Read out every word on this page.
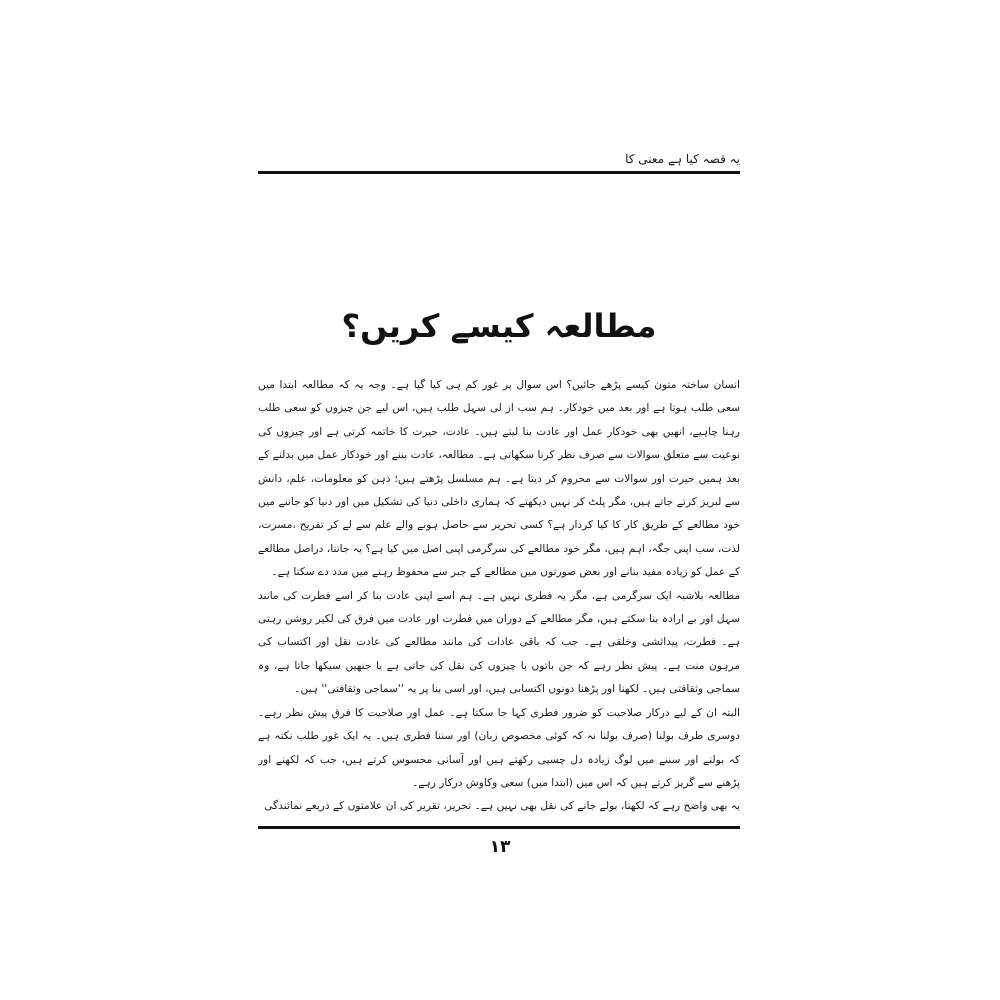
یہ قصہ کیا ہے معنی کا
مطالعہ کیسے کریں؟

انسان ساختہ متون کیسے پڑھے جائیں؟ اس سوال پر غور کم ہی کیا گیا ہے۔ وجہ یہ کہ مطالعہ ابتدا میں سعی طلب ہوتا ہے اور بعد میں خودکار۔ ہم سب از لی سہل طلب ہیں، اس لیے جن چیزوں کو سعی طلب رہنا چاہیے، انھیں بھی خودکار عمل اور عادت بنا لیتے ہیں۔ عادت، حیرت کا خاتمہ کرتی ہے اور چیزوں کی نوعیت سے متعلق سوالات سے صرف نظر کرنا سکھاتی ہے۔ مطالعہ، عادت بننے اور خودکار عمل میں بدلنے کے بعد ہمیں حیرت اور سوالات سے محروم کر دیتا ہے۔ ہم مسلسل پڑھتے ہیں؛ ذہن کو معلومات، علم، دانش سے لبریز کرتے جاتے ہیں، مگر پلٹ کر نہیں دیکھتے کہ ہماری داخلی دنیا کی تشکیل میں اور دنیا کو جاننے میں خود مطالعے کے طریق کار کا کیا کردار ہے؟ کسی تحریر سے حاصل ہونے والے علم سے لے کر تفریح ،مسرت، لذت، سب اپنی جگہ، اہم ہیں، مگر خود مطالعے کی سرگرمی اپنی اصل میں کیا ہے؟ یہ جاننا، دراصل مطالعے کے عمل کو زیادہ مفید بنانے اور بعض صورتوں میں مطالعے کے جبر سے محفوظ رہنے میں مدد دے سکتا ہے۔

مطالعہ بلاشبہ ایک سرگرمی ہے، مگر یہ فطری نہیں ہے۔ ہم اسے اپنی عادت بنا کر اسے فطرت کی مانند سہل اور بے ارادہ بنا سکتے ہیں، مگر مطالعے کے دوران میں فطرت اور عادت میں فرق کی لکیر روشن رہتی ہے۔ فطرت، پیدائشی وخلقی ہے۔ جب کہ باقی عادات کی مانند مطالعے کی عادت نقل اور اکتساب کی مرہون منت ہے۔ پیش نظر رہے کہ جن باتوں یا چیزوں کی نقل کی جاتی ہے یا جنھیں سیکھا جاتا ہے، وہ سماجی وثقافتی ہیں۔ لکھنا اور پڑھنا دونوں اکتسابی ہیں، اور اسی بنا پر یہ ''سماجی وثقافتی'' ہیں۔

البتہ ان کے لیے درکار صلاحیت کو ضرور فطری کہا جا سکتا ہے۔ عمل اور صلاحیت کا فرق پیش نظر رہے۔ دوسری طرف بولنا (صرف بولنا نہ کہ کوئی مخصوص زبان) اور سننا فطری ہیں۔ یہ ایک غور طلب نکتہ ہے کہ بولنے اور سننے میں لوگ زیادہ دل چسپی رکھتے ہیں اور آسانی محسوس کرتے ہیں، جب کہ لکھنے اور پڑھنے سے گریز کرتے ہیں کہ اس میں (ابتدا میں) سعی وکاوش درکار رہے۔

یہ بھی واضح رہے کہ لکھنا، بولے جانے کی نقل بھی نہیں ہے۔ تحریر، تقریر کی ان علامتوں کے ذریعے نمائندگی

۱۳
